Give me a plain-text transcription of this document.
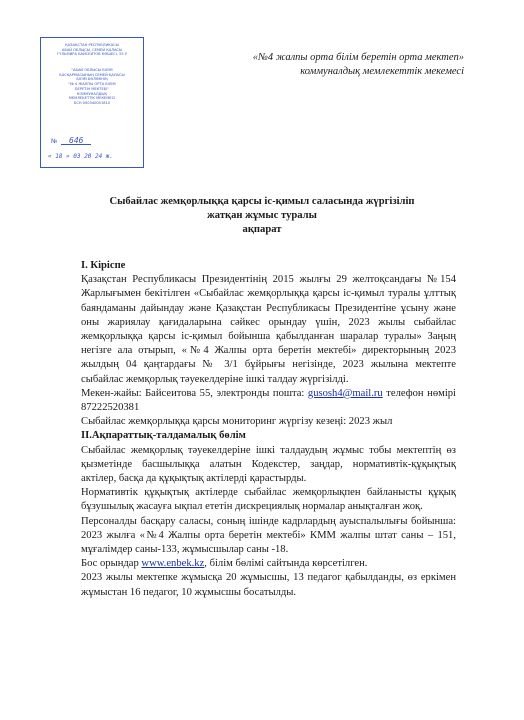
ҚАЗАҚСТАН РЕСПУБЛИКАСЫ
АБАЙ ОБЛЫСЫ, СЕМЕЙ ҚАЛАСЫ
ГҮЛЬМИРА БАЙСЕИТОВ КӨШЕСІ, 55 У
"АБАЙ ОБЛЫСЫ БІЛІМ
БАСҚАРМАСЫНЫҢ СЕМЕЙ ҚАЛАСЫ
БІЛІМ БӨЛІМІНІҢ
"№ 4 ЖАЛПЫ ОРТА БІЛІМ
БЕРЕТІН МЕКТЕБІ"
КОММУНАЛДЫҚ
МЕМЛЕКЕТТІК МЕКЕМЕСІ
БСН 000340001810
№	646
« 18 » 03 20 24 ж.
«№4 жалпы орта білім беретін орта мектеп»
коммуналдық мемлекеттік мекемесі
Сыбайлас жемқорлыққа қарсы іс-қимыл саласында жүргізіліп
жатқан жұмыс туралы
ақпарат

I. Кіріспе

Қазақстан Республикасы Президентінің 2015 жылғы 29 желтоқсандағы №154 Жарлығымен бекітілген «Сыбайлас жемқорлыққа қарсы іс-қимыл туралы ұлттық баяндаманы дайындау және Қазақстан Республикасы Президентіне ұсыну және оны жариялау қағидаларына сәйкес орындау үшін, 2023 жылы сыбайлас жемқорлыққа қарсы іс-қимыл бойынша қабылданған шаралар туралы» Заңың негізге ала отырып, «№4 Жалпы орта беретін мектебі» директорының 2023 жылдың 04 қаңтардағы № 3/1 бұйрығы негізінде, 2023 жылына мектепте сыбайлас жемқорлық тәуекелдеріне ішкі талдау жүргізілді.

Мекен-жайы: Байсеитова 55, электронды поштa: gusosh4@mail.ru телефон нөмірі 87222520381

Сыбайлас жемқорлыққа қарсы мониторинг жүргізу кезеңі: 2023 жыл

II.Ақпараттық-талдамалық бөлім

Сыбайлас жемқорлық тәуекелдеріне ішкі талдаудың жұмыс тобы мектептің өз қызметінде басшылыққа алатын Кодекстер, заңдар, нормативтік-құқықтық актілер, басқа да құқықтық актілерді қарастырды.

Нормативтік құқықтық актілерде сыбайлас жемқорлықпен байланысты құқық бұзушылық жасауға ықпал ететін дискрециялық нормалар анықталған жоқ.

Персоналды басқару саласы, соның ішінде кадрлардың ауыспалылығы бойынша: 2023 жылға «№4 Жалпы орта беретін мектебі» КММ жалпы штат саны – 151, мұғалімдер саны-133, жұмысшылар саны -18.

Бос орындар www.enbek.kz, білім бөлімі сайтында көрсетілген.

2023 жылы мектепке жұмысқа 20 жұмысшы, 13 педагог қабылданды, өз еркімен жұмыстан 16 педагог, 10 жұмысшы босатылды.
